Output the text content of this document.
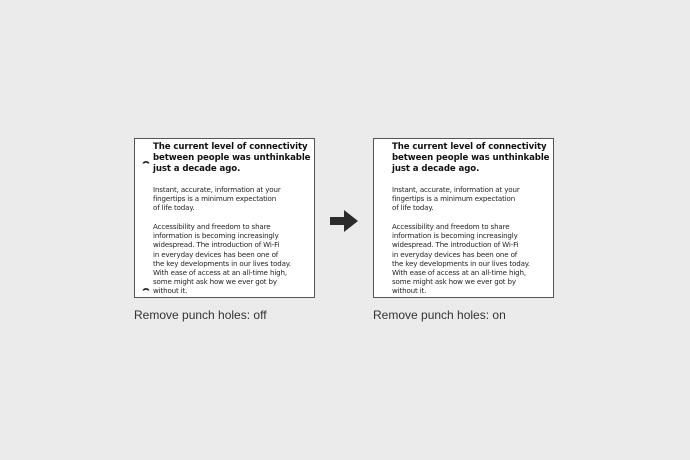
The current level of connectivity
between people was unthinkable
just a decade ago.
Instant, accurate, information at your
fingertips is a minimum expectation
of life today.
Accessibility and freedom to share
information is becoming increasingly
widespread. The introduction of Wi-Fi
in everyday devices has been one of
the key developments in our lives today.
With ease of access at an all-time high,
some might ask how we ever got by
without it.
The current level of connectivity
between people was unthinkable
just a decade ago.
Instant, accurate, information at your
fingertips is a minimum expectation
of life today.
Accessibility and freedom to share
information is becoming increasingly
widespread. The introduction of Wi-Fi
in everyday devices has been one of
the key developments in our lives today.
With ease of access at an all-time high,
some might ask how we ever got by
without it.
Remove punch holes: off	Remove punch holes: on
